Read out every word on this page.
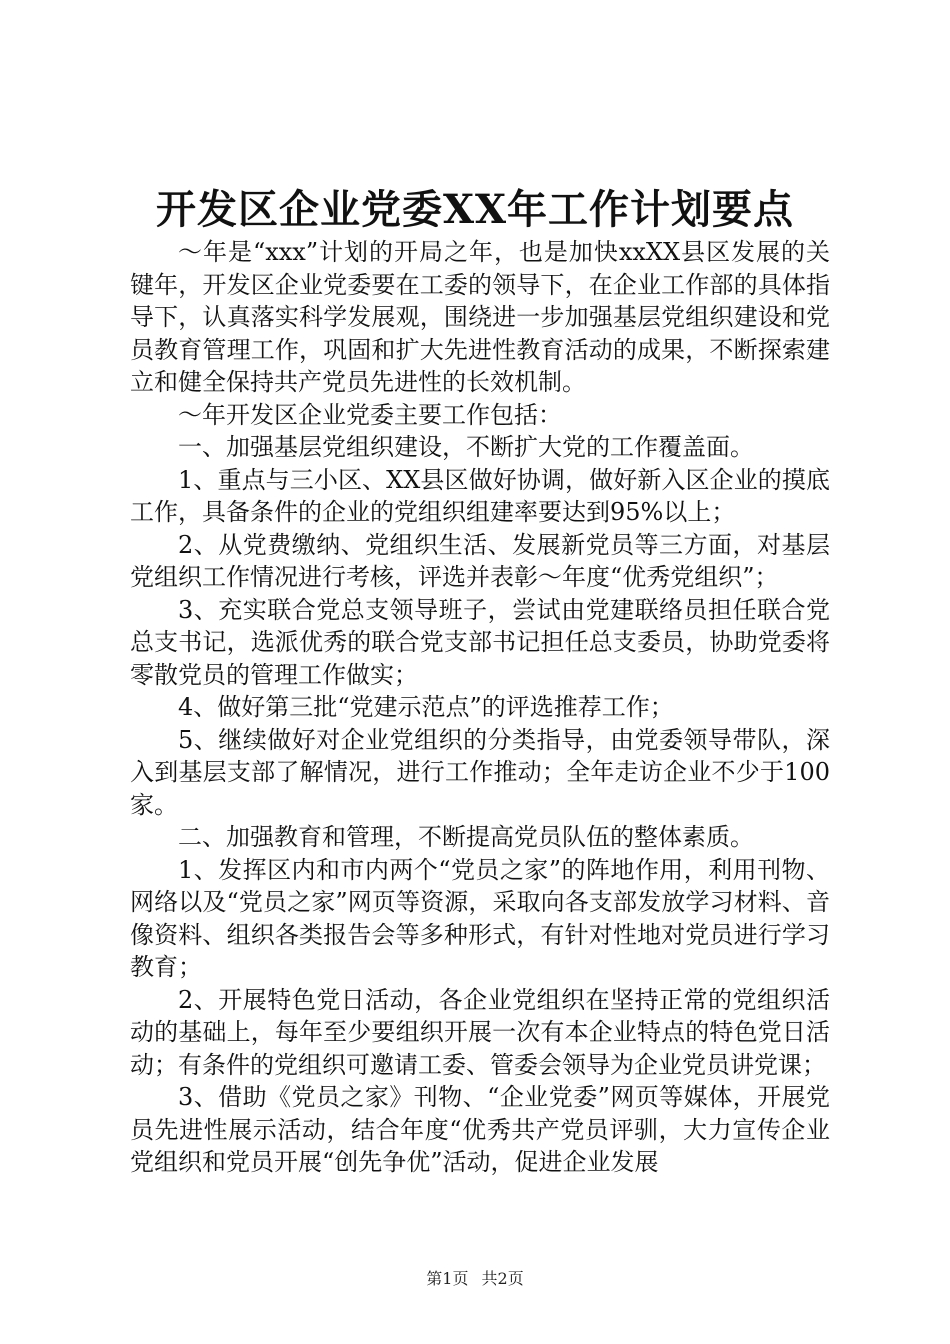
开发区企业党委XX年工作计划要点

～年是“xxx”计划的开局之年，也是加快xxXX县区发展的关键年，开发区企业党委要在工委的领导下，在企业工作部的具体指导下，认真落实科学发展观，围绕进一步加强基层党组织建设和党员教育管理工作，巩固和扩大先进性教育活动的成果，不断探索建立和健全保持共产党员先进性的长效机制。

～年开发区企业党委主要工作包括：

一、加强基层党组织建设，不断扩大党的工作覆盖面。

1、重点与三小区、XX县区做好协调，做好新入区企业的摸底工作，具备条件的企业的党组织组建率要达到95%以上；

2、从党费缴纳、党组织生活、发展新党员等三方面，对基层党组织工作情况进行考核，评选并表彰～年度“优秀党组织”；

3、充实联合党总支领导班子，尝试由党建联络员担任联合党总支书记，选派优秀的联合党支部书记担任总支委员，协助党委将零散党员的管理工作做实；

4、做好第三批“党建示范点”的评选推荐工作；

5、继续做好对企业党组织的分类指导，由党委领导带队，深入到基层支部了解情况，进行工作推动；全年走访企业不少于100家。

二、加强教育和管理，不断提高党员队伍的整体素质。

1、发挥区内和市内两个“党员之家”的阵地作用，利用刊物、网络以及“党员之家”网页等资源，采取向各支部发放学习材料、音像资料、组织各类报告会等多种形式，有针对性地对党员进行学习教育；

2、开展特色党日活动，各企业党组织在坚持正常的党组织活动的基础上，每年至少要组织开展一次有本企业特点的特色党日活动；有条件的党组织可邀请工委、管委会领导为企业党员讲党课；

3、借助《党员之家》刊物、“企业党委”网页等媒体，开展党员先进性展示活动，结合年度“优秀共产党员评驯，大力宣传企业党组织和党员开展“创先争优”活动，促进企业发展

第1页 共2页
